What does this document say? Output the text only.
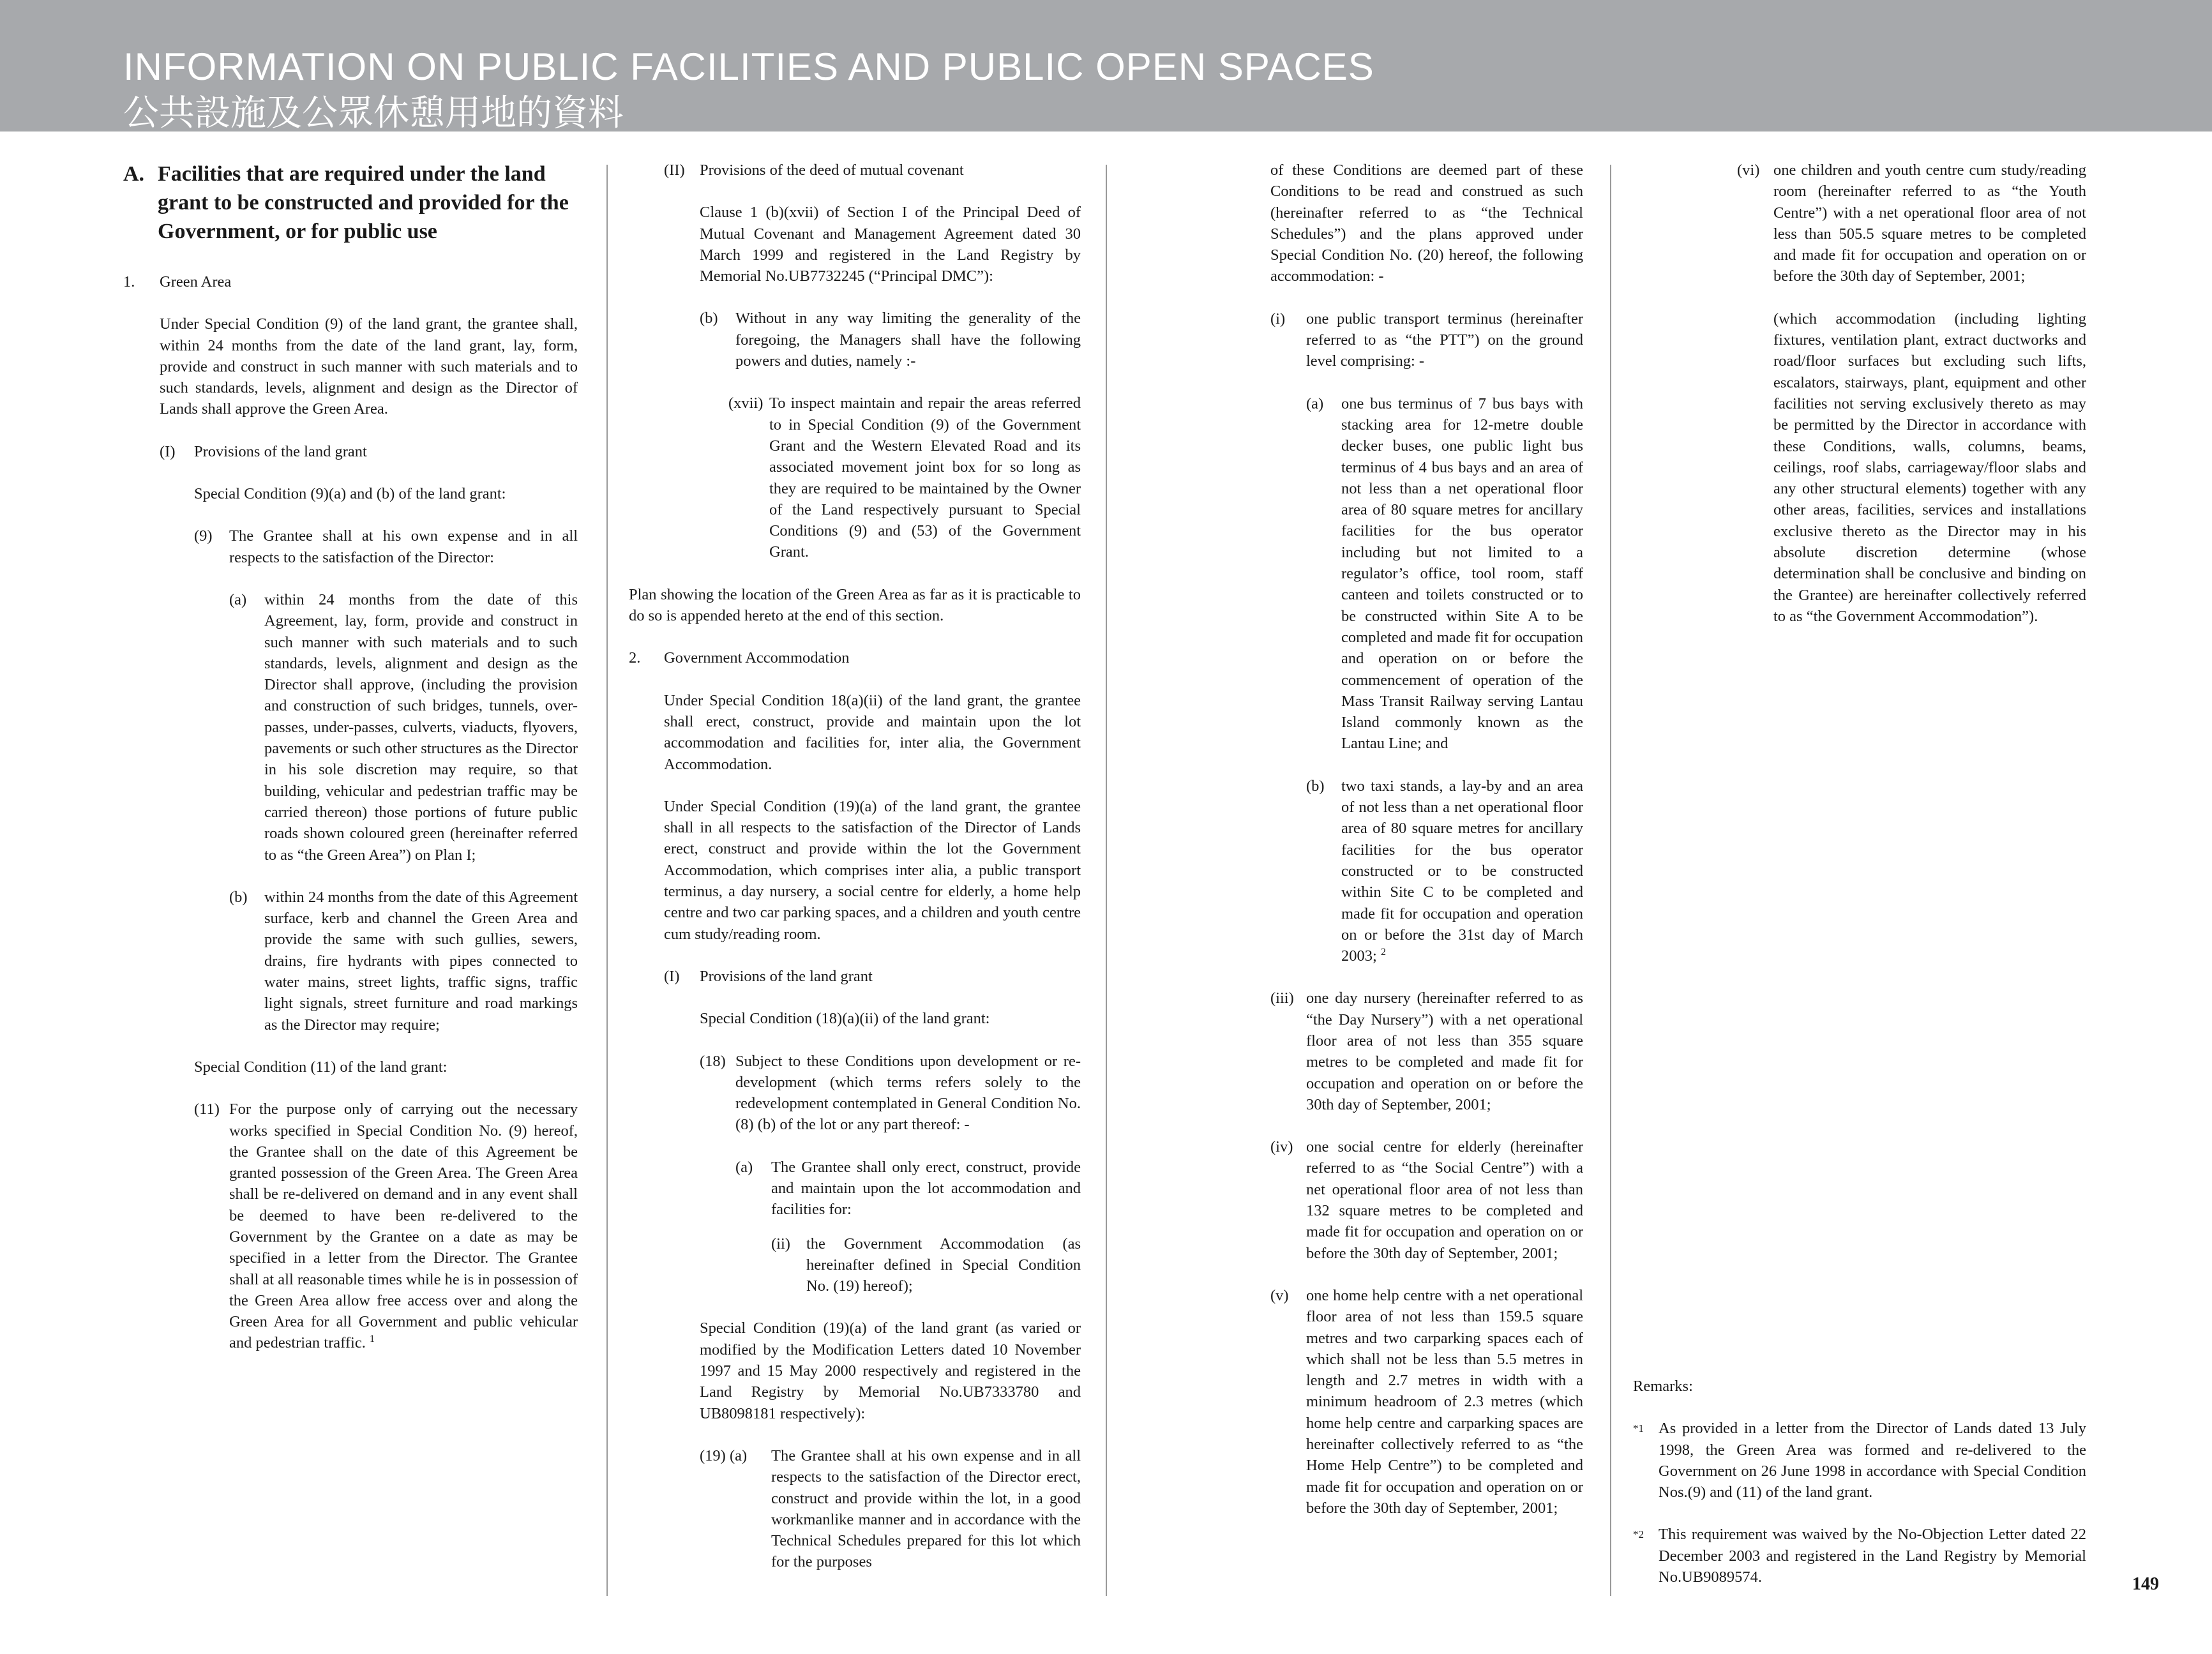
INFORMATION ON PUBLIC FACILITIES AND PUBLIC OPEN SPACES
公共設施及公眾休憩用地的資料
A. Facilities that are required under the land grant to be constructed and provided for the Government, or for public use
1.	Green Area
Under Special Condition (9) of the land grant, the grantee shall, within 24 months from the date of the land grant, lay, form, provide and construct in such manner with such materials and to such standards, levels, alignment and design as the Director of Lands shall approve the Green Area.
(I)	Provisions of the land grant
Special Condition (9)(a) and (b) of the land grant:
(9)	The Grantee shall at his own expense and in all respects to the satisfaction of the Director:
(a)	within 24 months from the date of this Agreement, lay, form, provide and construct in such manner with such materials and to such standards, levels, alignment and design as the Director shall approve, (including the provision and construction of such bridges, tunnels, over-passes, under-passes, culverts, viaducts, flyovers, pavements or such other structures as the Director in his sole discretion may require, so that building, vehicular and pedestrian traffic may be carried thereon) those portions of future public roads shown coloured green (hereinafter referred to as “the Green Area”) on Plan I;
(b)	within 24 months from the date of this Agreement surface, kerb and channel the Green Area and provide the same with such gullies, sewers, drains, fire hydrants with pipes connected to water mains, street lights, traffic signs, traffic light signals, street furniture and road markings as the Director may require;
Special Condition (11) of the land grant:
(11) For the purpose only of carrying out the necessary works specified in Special Condition No. (9) hereof, the Grantee shall on the date of this Agreement be granted possession of the Green Area. The Green Area shall be re-delivered on demand and in any event shall be deemed to have been re-delivered to the Government by the Grantee on a date as may be specified in a letter from the Director. The Grantee shall at all reasonable times while he is in possession of the Green Area allow free access over and along the Green Area for all Government and public vehicular and pedestrian traffic. $^1$
(II) Provisions of the deed of mutual covenant
Clause 1 (b)(xvii) of Section I of the Principal Deed of Mutual Covenant and Management Agreement dated 30 March 1999 and registered in the Land Registry by Memorial No.UB7732245 (“Principal DMC”):
(b)	Without in any way limiting the generality of the foregoing, the Managers shall have the following powers and duties, namely :-
(xvii) To inspect maintain and repair the areas referred to in Special Condition (9) of the Government Grant and the Western Elevated Road and its associated movement joint box for so long as they are required to be maintained by the Owner of the Land respectively pursuant to Special Conditions (9) and (53) of the Government Grant.
Plan showing the location of the Green Area as far as it is practicable to do so is appended hereto at the end of this section.
2.	Government Accommodation
Under Special Condition 18(a)(ii) of the land grant, the grantee shall erect, construct, provide and maintain upon the lot accommodation and facilities for, inter alia, the Government Accommodation.
Under Special Condition (19)(a) of the land grant, the grantee shall in all respects to the satisfaction of the Director of Lands erect, construct and provide within the lot the Government Accommodation, which comprises inter alia, a public transport terminus, a day nursery, a social centre for elderly, a home help centre and two car parking spaces, and a children and youth centre cum study/reading room.
(I)	Provisions of the land grant
Special Condition (18)(a)(ii) of the land grant:
(18) Subject to these Conditions upon development or re-development (which terms refers solely to the redevelopment contemplated in General Condition No. (8) (b) of the lot or any part thereof: -
(a)	The Grantee shall only erect, construct, provide and maintain upon the lot accommodation and facilities for:
(ii)	the Government Accommodation (as hereinafter defined in Special Condition No. (19) hereof);
Special Condition (19)(a) of the land grant (as varied or modified by the Modification Letters dated 10 November 1997 and 15 May 2000 respectively and registered in the Land Registry by Memorial No.UB7333780 and UB8098181 respectively):
(19) (a)	The Grantee shall at his own expense and in all respects to the satisfaction of the Director erect, construct and provide within the lot, in a good workmanlike manner and in accordance with the Technical Schedules prepared for this lot which for the purposes
of these Conditions are deemed part of these Conditions to be read and construed as such (hereinafter referred to as “the Technical Schedules”) and the plans approved under Special Condition No. (20) hereof, the following accommodation: -
(i)	one public transport terminus (hereinafter referred to as “the PTT”) on the ground level comprising: -
(a)	one bus terminus of 7 bus bays with stacking area for 12-metre double decker buses, one public light bus terminus of 4 bus bays and an area of not less than a net operational floor area of 80 square metres for ancillary facilities for the bus operator including but not limited to a regulator’s office, tool room, staff canteen and toilets constructed or to be constructed within Site A to be completed and made fit for occupation and operation on or before the commencement of operation of the Mass Transit Railway serving Lantau Island commonly known as the Lantau Line; and
(b)	two taxi stands, a lay-by and an area of not less than a net operational floor area of 80 square metres for ancillary facilities for the bus operator constructed or to be constructed within Site C to be completed and made fit for occupation and operation on or before the 31st day of March 2003; $^2$
(iii) one day nursery (hereinafter referred to as “the Day Nursery”) with a net operational floor area of not less than 355 square metres to be completed and made fit for occupation and operation on or before the 30th day of September, 2001;
(iv) one social centre for elderly (hereinafter referred to as “the Social Centre”) with a net operational floor area of not less than 132 square metres to be completed and made fit for occupation and operation on or before the 30th day of September, 2001;
(v)	one home help centre with a net operational floor area of not less than 159.5 square metres and two carparking spaces each of which shall not be less than 5.5 metres in length and 2.7 metres in width with a minimum headroom of 2.3 metres (which home help centre and carparking spaces are hereinafter collectively referred to as “the Home Help Centre”) to be completed and made fit for occupation and operation on or before the 30th day of September, 2001;
(vi) one children and youth centre cum study/reading room (hereinafter referred to as “the Youth Centre”) with a net operational floor area of not less than 505.5 square metres to be completed and made fit for occupation and operation on or before the 30th day of September, 2001;
(which accommodation (including lighting fixtures, ventilation plant, extract ductworks and road/floor surfaces but excluding such lifts, escalators, stairways, plant, equipment and other facilities not serving exclusively thereto as may be permitted by the Director in accordance with these Conditions, walls, columns, beams, ceilings, roof slabs, carriageway/floor slabs and any other structural elements) together with any other areas, facilities, services and installations exclusive thereto as the Director may in his absolute discretion determine (whose determination shall be conclusive and binding on the Grantee) are hereinafter collectively referred to as “the Government Accommodation”).
Remarks:
*1 As provided in a letter from the Director of Lands dated 13 July 1998, the Green Area was formed and re-delivered to the Government on 26 June 1998 in accordance with Special Condition Nos.(9) and (11) of the land grant.
*2 This requirement was waived by the No-Objection Letter dated 22 December 2003 and registered in the Land Registry by Memorial No.UB9089574.	149
